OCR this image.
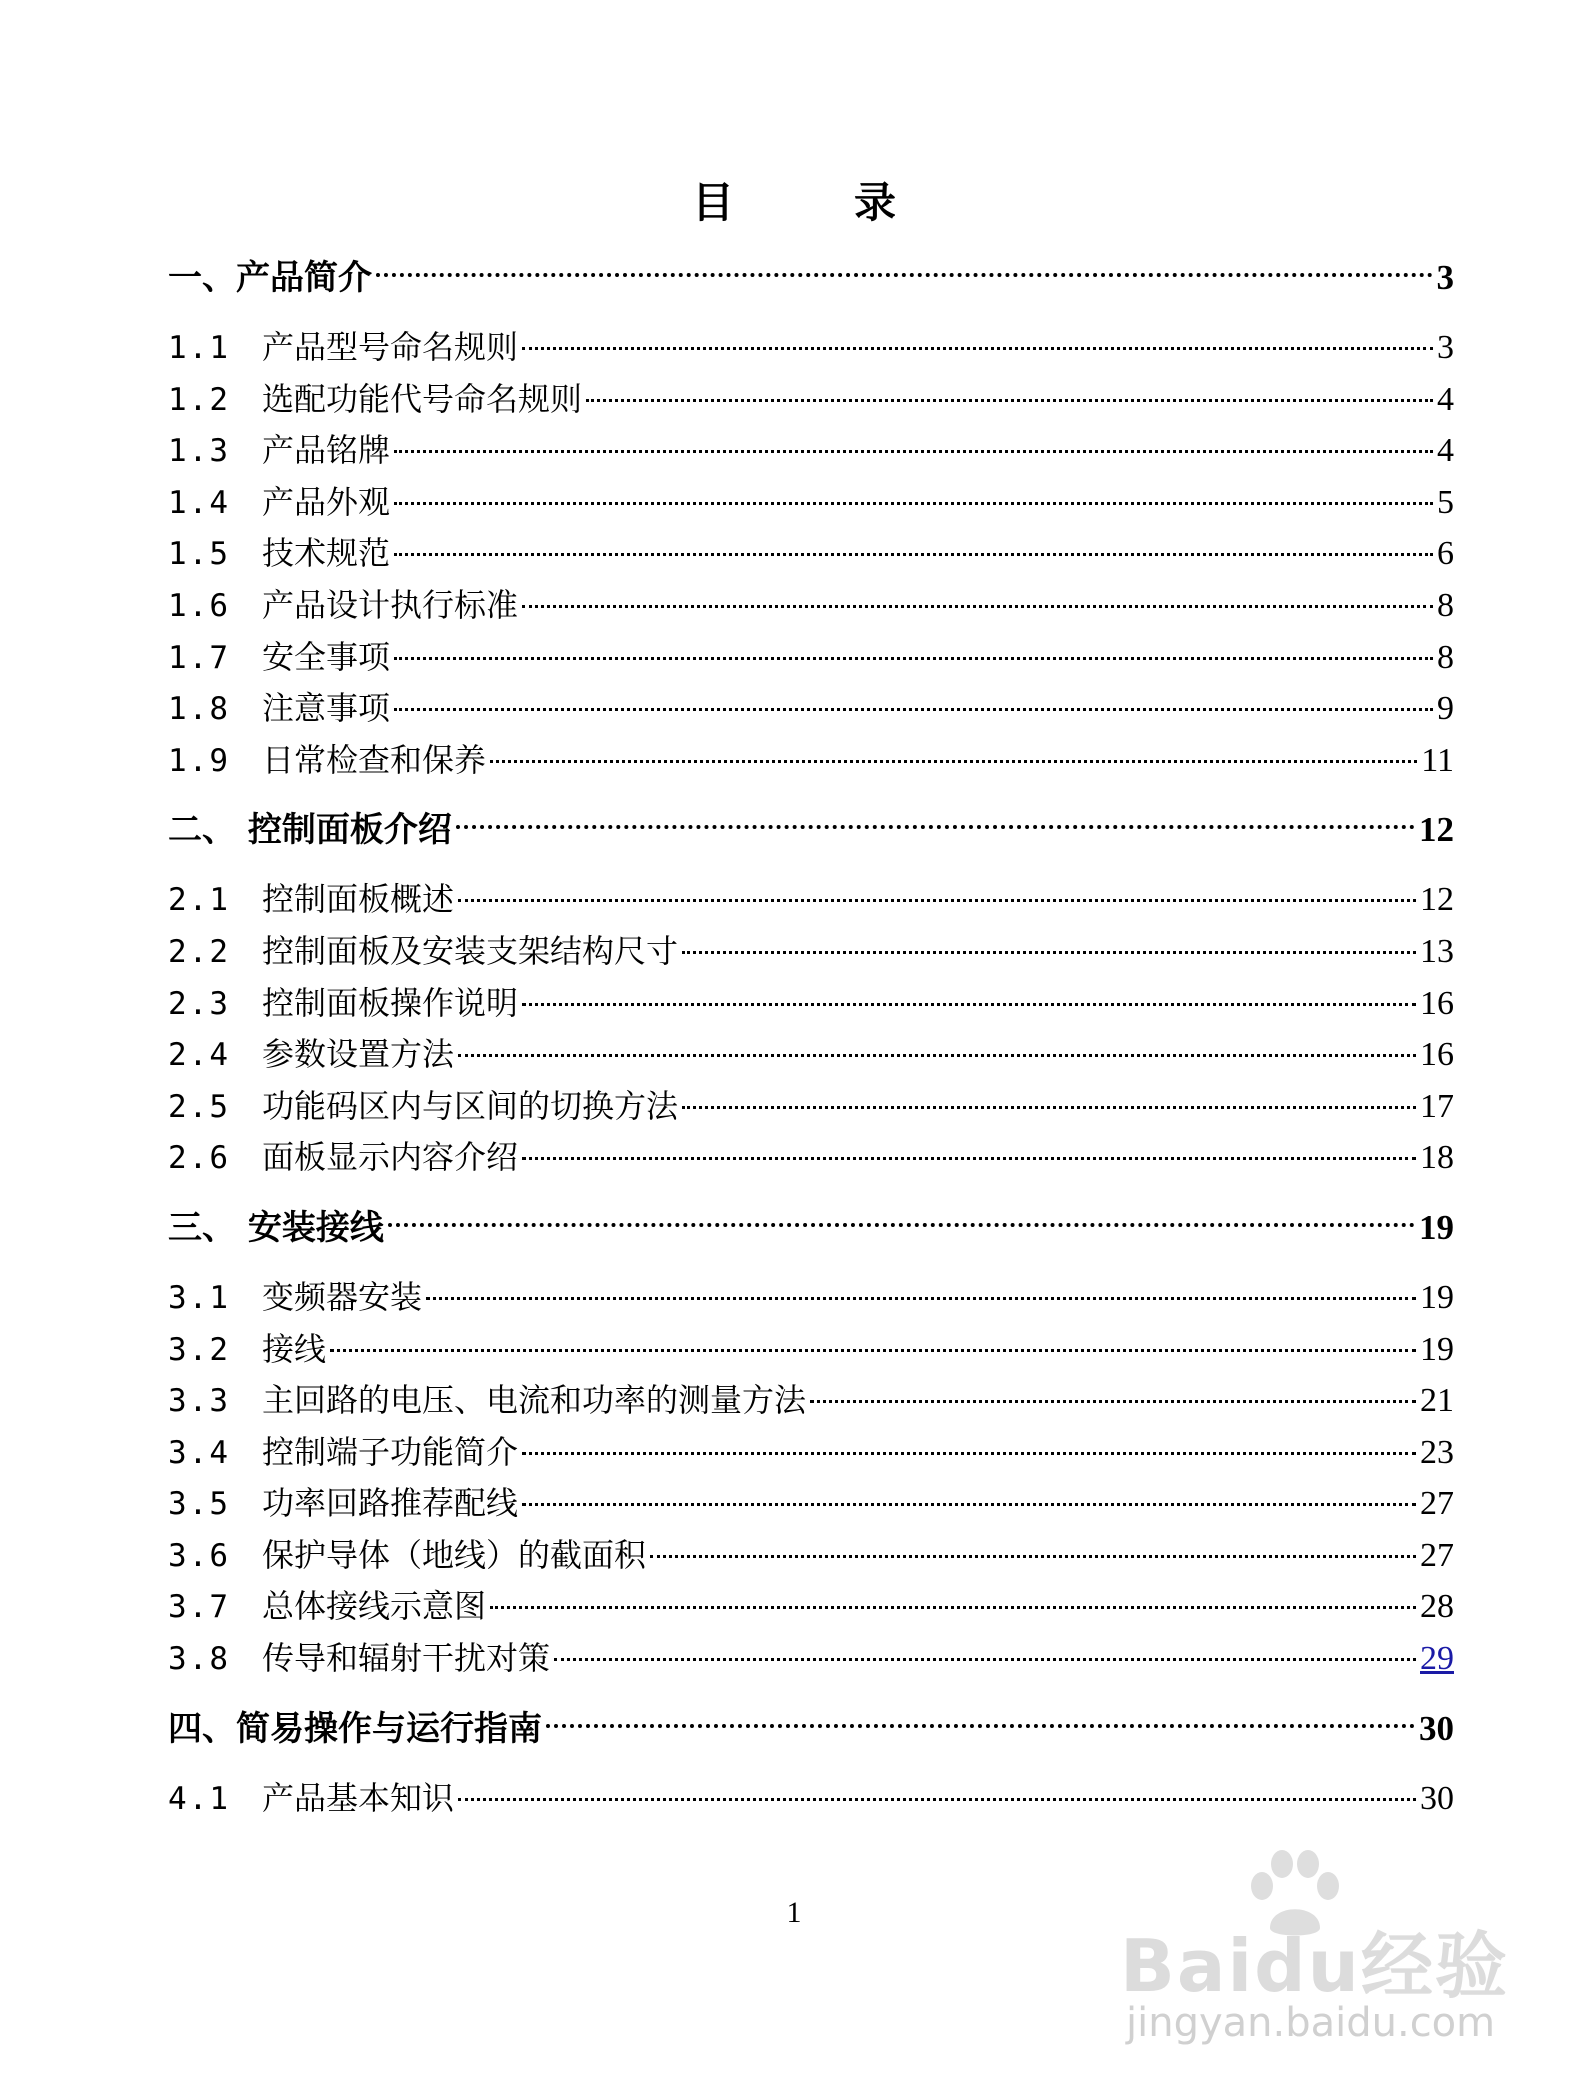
目	录
一、产品简介	3
1.1	产品型号命名规则	3
1.2	选配功能代号命名规则	4
1.3	产品铭牌	4
1.4	产品外观	5
1.5	技术规范	6
1.6	产品设计执行标准	8
1.7	安全事项	8
1.8	注意事项	9
1.9	日常检查和保养	11
二、 控制面板介绍	12
2.1	控制面板概述	12
2.2	控制面板及安装支架结构尺寸	13
2.3	控制面板操作说明	16
2.4	参数设置方法	16
2.5	功能码区内与区间的切换方法	17
2.6	面板显示内容介绍	18
三、 安装接线	19
3.1	变频器安装	19
3.2	接线	19
3.3	主回路的电压、电流和功率的测量方法	21
3.4	控制端子功能简介	23
3.5	功率回路推荐配线	27
3.6	保护导体（地线）的截面积	27
3.7	总体接线示意图	28
3.8	传导和辐射干扰对策	29
四、简易操作与运行指南	30
4.1	产品基本知识	30
1
Baidu经验
jingyan.baidu.com
